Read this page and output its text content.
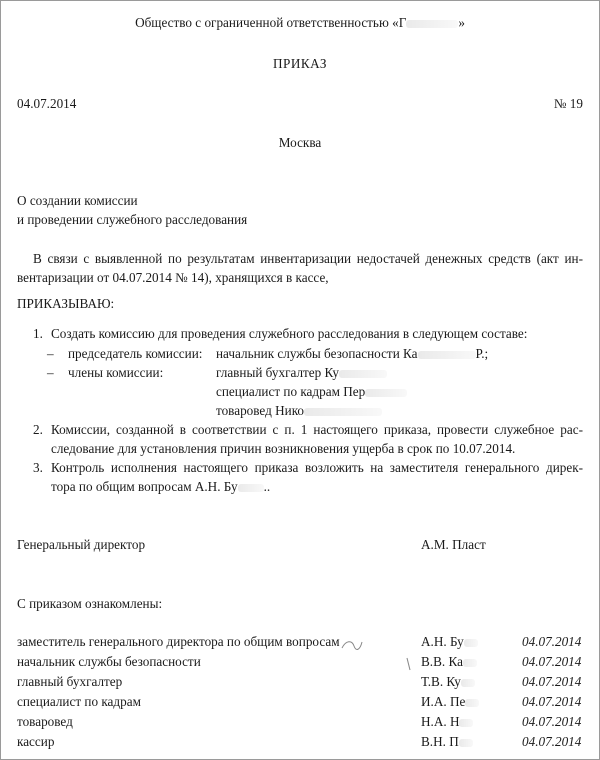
Общество с ограниченной ответственностью «Г	»
ПРИКАЗ
04.07.2014	№ 19
Москва
О создании комиссии
и проведении служебного расследования
В связи с выявленной по результатам инвентаризации недостачей денежных средств (акт ин-
вентаризации от 04.07.2014 № 14), хранящихся в кассе,
ПРИКАЗЫВАЮ:
1. Создать комиссию для проведения служебного расследования в следующем составе:
– председатель комиссии: начальник службы безопасности Ка	Р.;
– члены комиссии:	главный бухгалтер Ку
специалист по кадрам Пер
товаровед Нико
2. Комиссии, созданной в соответствии с п. 1 настоящего приказа, провести служебное рас-
следование для установления причин возникновения ущерба в срок по 10.07.2014.
3. Контроль исполнения настоящего приказа возложить на заместителя генерального дирек-
тора по общим вопросам А.Н. Бу ..
Генеральный директор	А.М. Пласт
С приказом ознакомлены:
заместитель генерального директора по общим вопросам	А.Н. Бу	04.07.2014
начальник службы безопасности	В.В. Ка	04.07.2014
главный бухгалтер	Т.В. Ку	04.07.2014
специалист по кадрам	И.А. Пе	04.07.2014
товаровед	Н.А. Н	04.07.2014
кассир	В.Н. П	04.07.2014
